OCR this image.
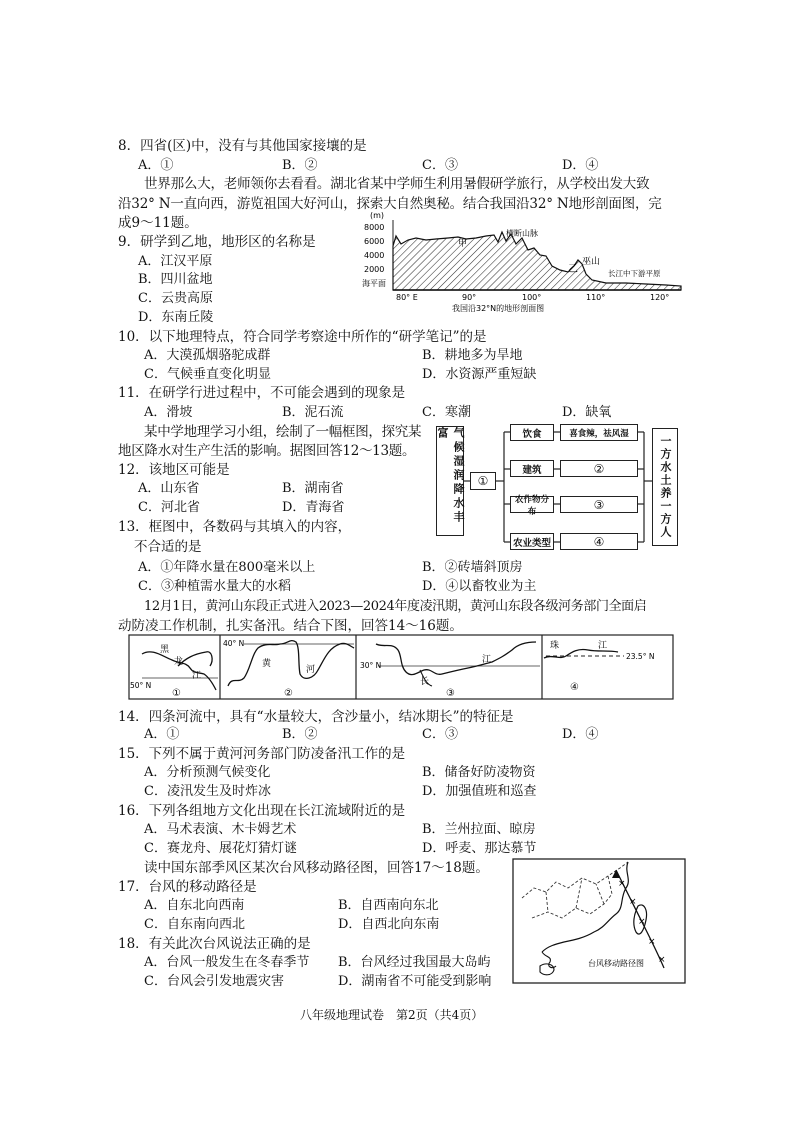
8．四省(区)中，没有与其他国家接壤的是
A．①	B．②	C．③	D．④
世界那么大，老师领你去看看。湖北省某中学师生利用暑假研学旅行，从学校出发大致
沿32° N一直向西，游览祖国大好河山，探索大自然奥秘。结合我国沿32° N地形剖面图，完
成9～11题。
9．研学到乙地，地形区的名称是
A．江汉平原
B．四川盆地
C．云贵高原
D．东南丘陵
(m)
8000
6000
4000
2000
海平面
甲
横断山脉
乙
巫山
长江中下游平原
80° E	90°	100°	110°	120°
我国沿32°N的地形剖面图
10．以下地理特点，符合同学考察途中所作的“研学笔记”的是
A．大漠孤烟骆驼成群	B．耕地多为旱地
C．气候垂直变化明显	D．水资源严重短缺
11．在研学行进过程中，不可能会遇到的现象是
A．滑坡	B．泥石流	C．寒潮	D．缺氧
某中学地理学习小组，绘制了一幅框图，探究某
地区降水对生产生活的影响。据图回答12～13题。
12．该地区可能是
A．山东省	B．湖南省
C．河北省	D．青海省
13．框图中，各数码与其填入的内容，
不合适的是
A．①年降水量在800毫米以上	B．②砖墙斜顶房
C．③种植需水量大的水稻	D．④以畜牧业为主
气候湿润降水丰富
①
饮食
建筑
农作物分布
农业类型
喜食辣，祛风湿
②
③
④
一方水土养一方人
12月1日，黄河山东段正式进入2023—2024年度凌汛期，黄河山东段各级河务部门全面启
动防凌工作机制，扎实备汛。结合下图，回答14～16题。
黑
龙
江
50° N
①
黄
河
40° N
②
长
江
30° N
③
珠	江
23.5° N
④
14．四条河流中，具有“水量较大，含沙量小，结冰期长”的特征是
A．①	B．②	C．③	D．④
15．下列不属于黄河河务部门防凌备汛工作的是
A．分析预测气候变化	B．储备好防凌物资
C．凌汛发生及时炸冰	D．加强值班和巡查
16．下列各组地方文化出现在长江流域附近的是
A．马术表演、木卡姆艺术	B．兰州拉面、晾房
C．赛龙舟、展花灯猜灯谜	D．呼麦、那达慕节
读中国东部季风区某次台风移动路径图，回答17～18题。
17．台风的移动路径是
A．自东北向西南	B．自西南向东北
C．自东南向西北	D．自西北向东南
18．有关此次台风说法正确的是
A．台风一般发生在冬春季节 B．台风经过我国最大岛屿
C．台风会引发地震灾害	D．湖南省不可能受到影响
×
×
×
×
×
台风移动路径图
八年级地理试卷　第2页（共4页）
